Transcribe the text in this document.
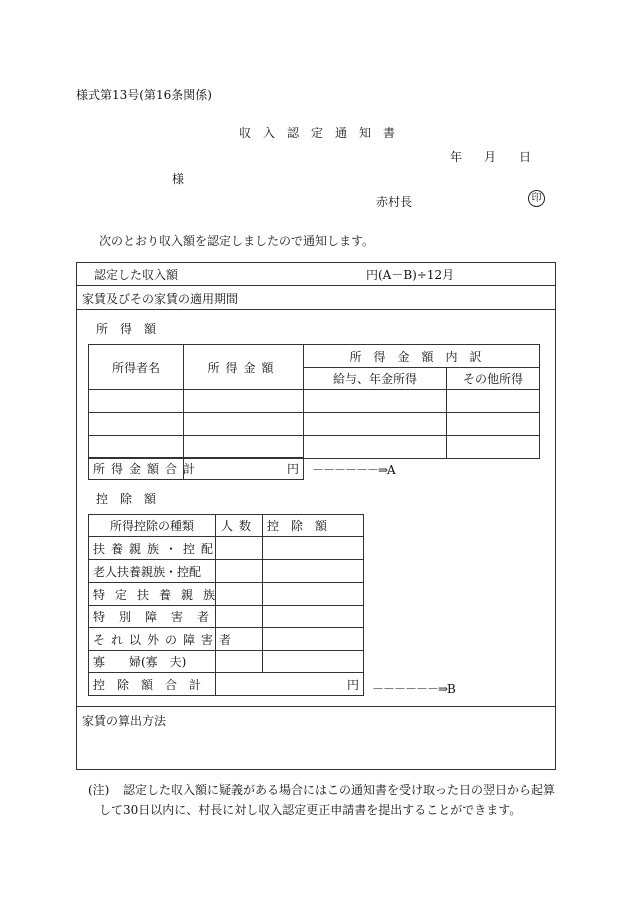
様式第13号(第16条関係)
収入認定通知書
年 月 日
様
赤村長	印
次のとおり収入額を認定しましたので通知します。
認定した収入額	円(A－B)÷12月
家賃及びその家賃の適用期間
所得額
所得者名	所得金額	所得金額内訳	
		給与、年金所得	その他所得

所得金額合計	円 －－－－－－⇒A
控除額
所得控除の種類	人数	控除額
扶養親族・控配		
老人扶養親族・控配		
特定扶養親族		
特別障害者		
それ以外の障害者		
寡　　婦(寡　夫)		
控除額合計	円	－－－－－－⇒B
家賃の算出方法
(注) 認定した収入額に疑義がある場合にはこの通知書を受け取った日の翌日から起算
して30日以内に、村長に対し収入認定更正申請書を提出することができます。
